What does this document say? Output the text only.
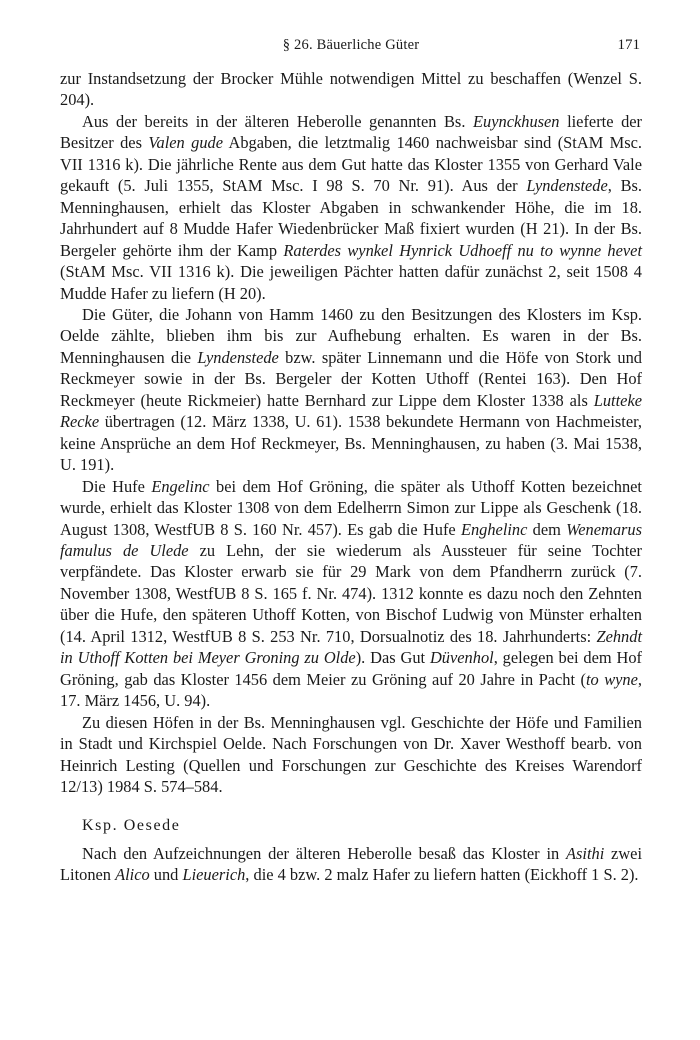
§ 26. Bäuerliche Güter	171

zur Instandsetzung der Brocker Mühle notwendigen Mittel zu beschaffen (Wenzel S. 204).

Aus der bereits in der älteren Heberolle genannten Bs. Euynckhusen lieferte der Besitzer des Valen gude Abgaben, die letztmalig 1460 nachweisbar sind (StAM Msc. VII 1316 k). Die jährliche Rente aus dem Gut hatte das Kloster 1355 von Gerhard Vale gekauft (5. Juli 1355, StAM Msc. I 98 S. 70 Nr. 91). Aus der Lyndenstede, Bs. Menninghausen, erhielt das Kloster Abgaben in schwankender Höhe, die im 18. Jahrhundert auf 8 Mudde Hafer Wiedenbrücker Maß fixiert wurden (H 21). In der Bs. Bergeler gehörte ihm der Kamp Raterdes wynkel Hynrick Udhoeff nu to wynne hevet (StAM Msc. VII 1316 k). Die jeweiligen Pächter hatten dafür zunächst 2, seit 1508 4 Mudde Hafer zu liefern (H 20).

Die Güter, die Johann von Hamm 1460 zu den Besitzungen des Klosters im Ksp. Oelde zählte, blieben ihm bis zur Aufhebung erhalten. Es waren in der Bs. Menninghausen die Lyndenstede bzw. später Linnemann und die Höfe von Stork und Reckmeyer sowie in der Bs. Bergeler der Kotten Uthoff (Rentei 163). Den Hof Reckmeyer (heute Rickmeier) hatte Bernhard zur Lippe dem Kloster 1338 als Lutteke Recke übertragen (12. März 1338, U. 61). 1538 bekundete Hermann von Hachmeister, keine Ansprüche an dem Hof Reckmeyer, Bs. Menninghausen, zu haben (3. Mai 1538, U. 191).

Die Hufe Engelinc bei dem Hof Gröning, die später als Uthoff Kotten bezeichnet wurde, erhielt das Kloster 1308 von dem Edelherrn Simon zur Lippe als Geschenk (18. August 1308, WestfUB 8 S. 160 Nr. 457). Es gab die Hufe Enghelinc dem Wenemarus famulus de Ulede zu Lehn, der sie wiederum als Aussteuer für seine Tochter verpfändete. Das Kloster erwarb sie für 29 Mark von dem Pfandherrn zurück (7. November 1308, WestfUB 8 S. 165 f. Nr. 474). 1312 konnte es dazu noch den Zehnten über die Hufe, den späteren Uthoff Kotten, von Bischof Ludwig von Münster erhalten (14. April 1312, WestfUB 8 S. 253 Nr. 710, Dorsualnotiz des 18. Jahrhunderts: Zehndt in Uthoff Kotten bei Meyer Groning zu Olde). Das Gut Düvenhol, gelegen bei dem Hof Gröning, gab das Kloster 1456 dem Meier zu Gröning auf 20 Jahre in Pacht (to wyne, 17. März 1456, U. 94).

Zu diesen Höfen in der Bs. Menninghausen vgl. Geschichte der Höfe und Familien in Stadt und Kirchspiel Oelde. Nach Forschungen von Dr. Xaver Westhoff bearb. von Heinrich Lesting (Quellen und Forschungen zur Geschichte des Kreises Warendorf 12/13) 1984 S. 574–584.

Ksp. Oesede

Nach den Aufzeichnungen der älteren Heberolle besaß das Kloster in Asithi zwei Litonen Alico und Lieuerich, die 4 bzw. 2 malz Hafer zu liefern hatten (Eickhoff 1 S. 2).
